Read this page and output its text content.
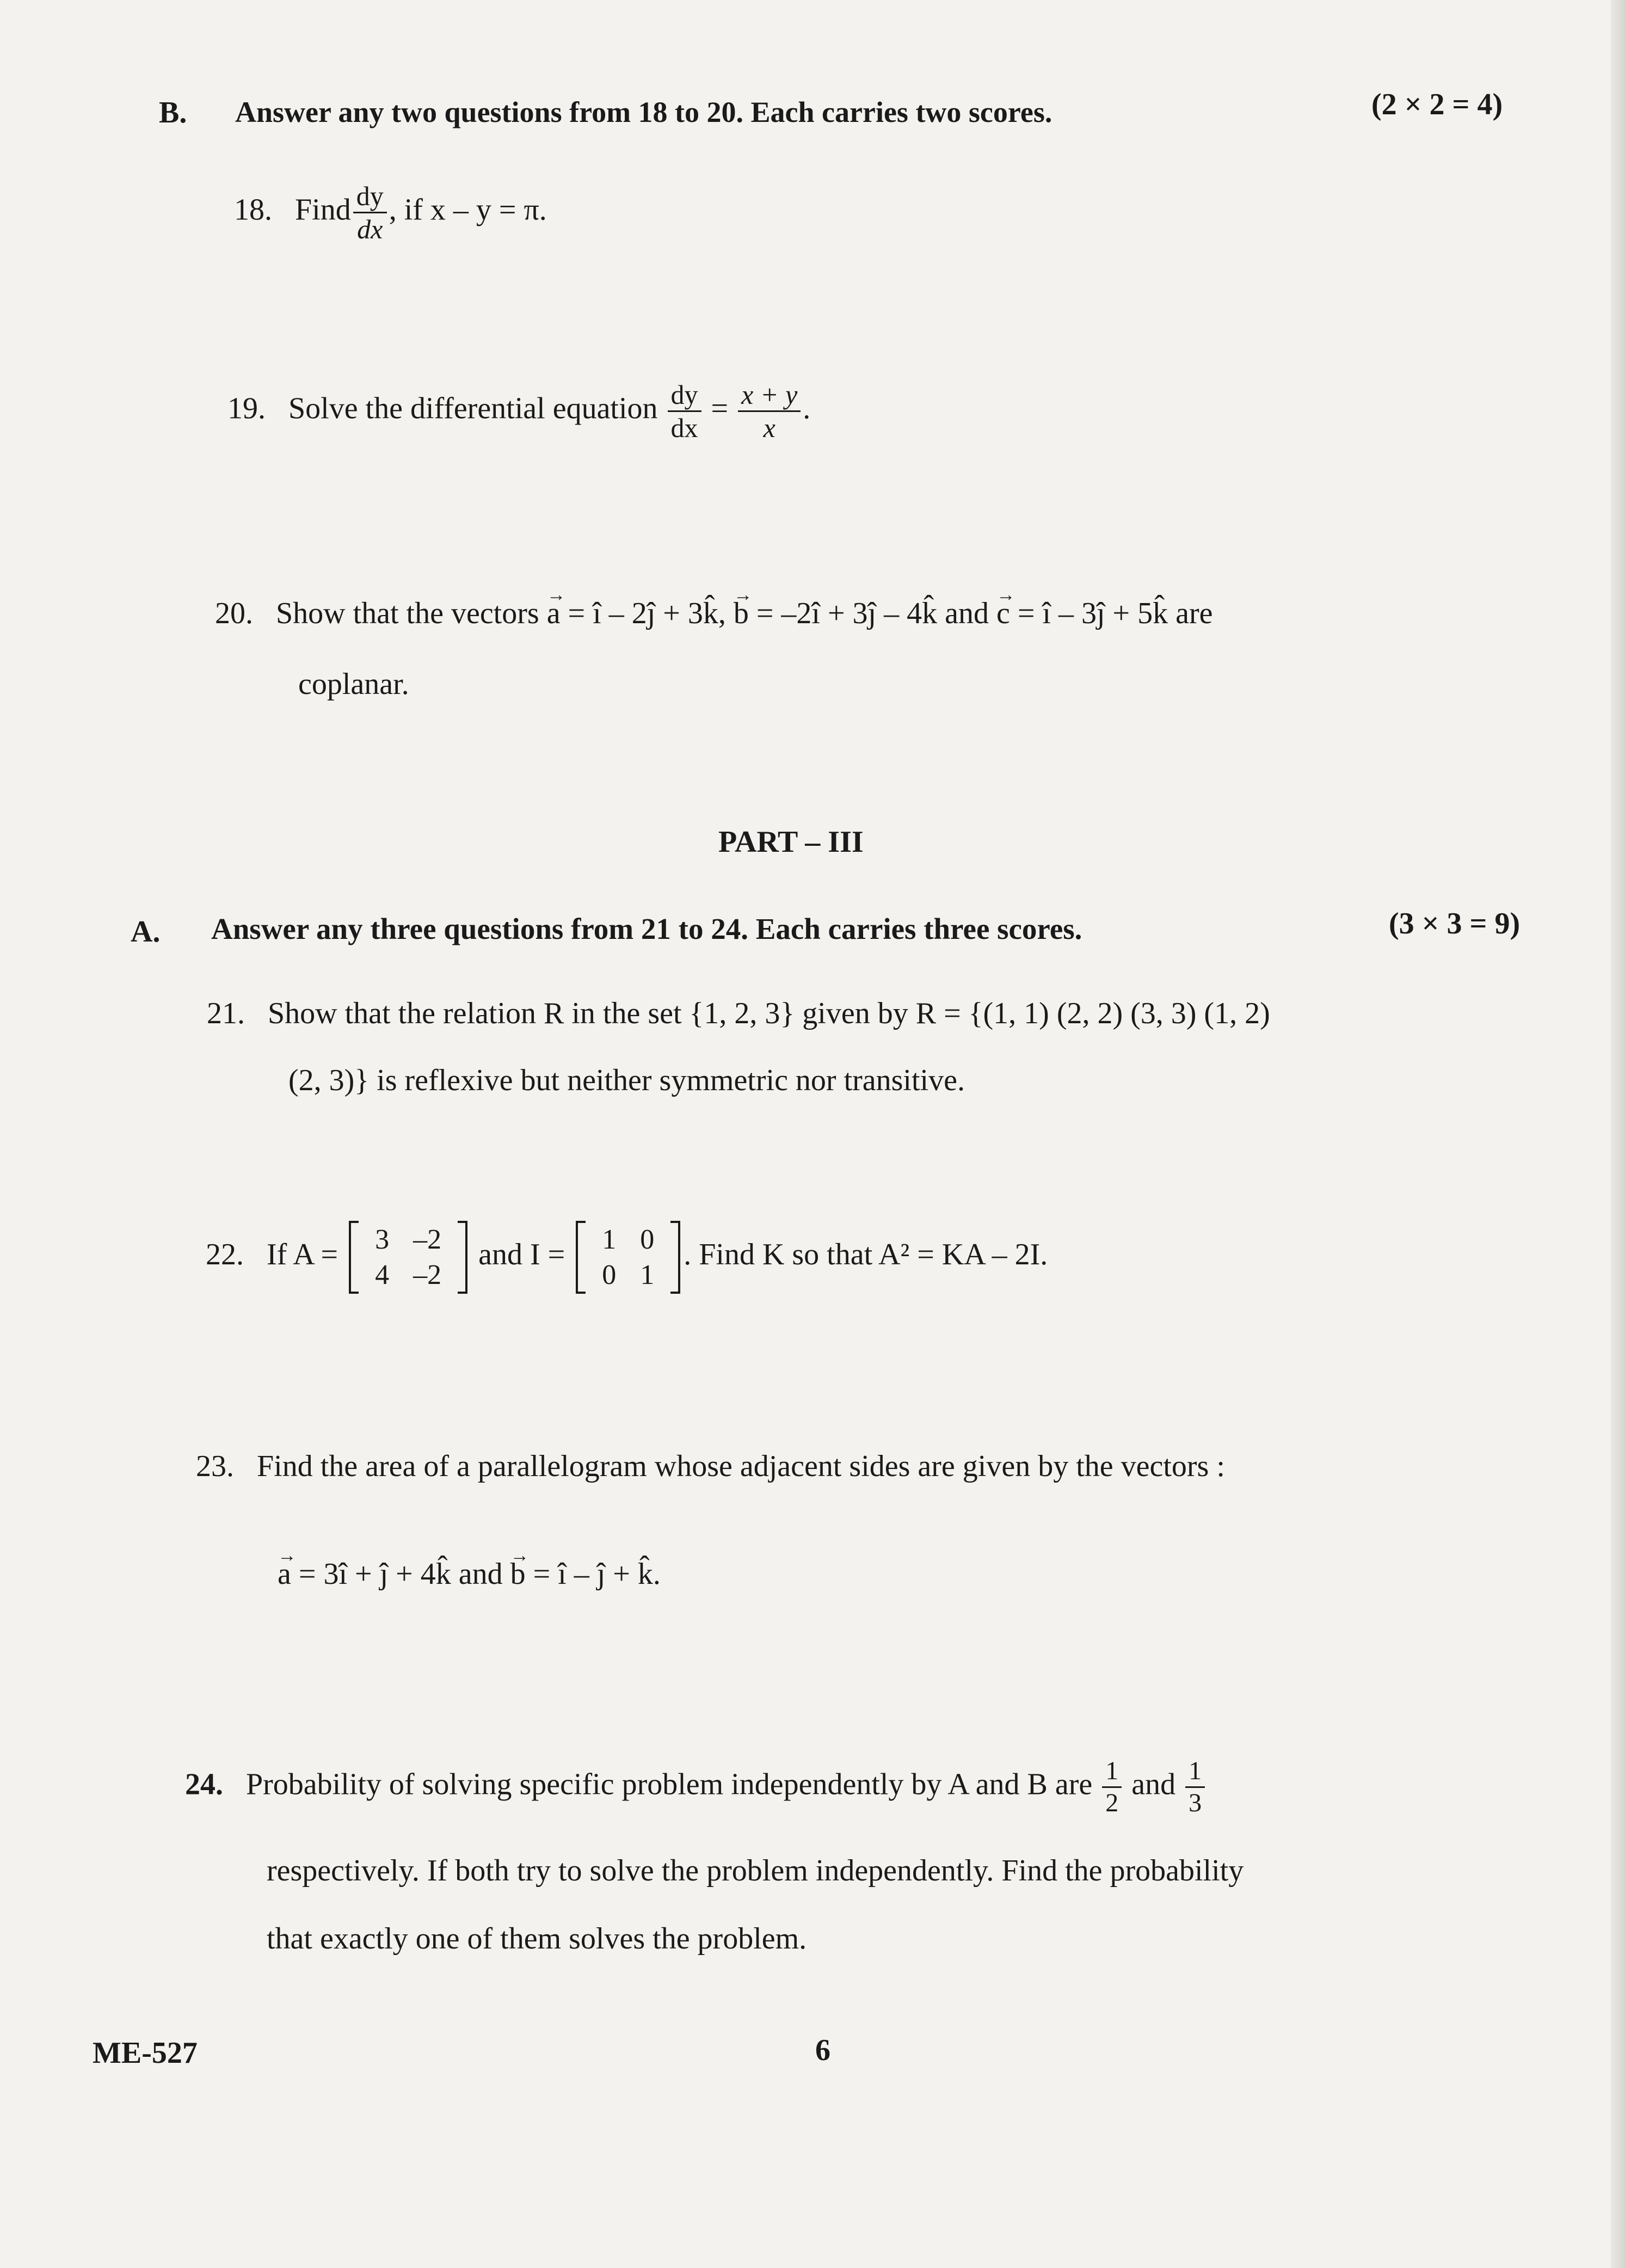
B. Answer any two questions from 18 to 20. Each carries two scores.	(2 × 2 = 4)
18. Find $\frac{dy}{dx}$ , if x – y = π.
19. Solve the differential equation $\frac{dy}{dx} = \frac{x + y}{x}$ .
20. Show that the vectors → a = î – 2ĵ + 3k̂, → b = –2î + 3ĵ – 4k̂ and → c = î – 3ĵ + 5k̂ are
coplanar.
PART – III
A. Answer any three questions from 21 to 24. Each carries three scores.	(3 × 3 = 9)
21. Show that the relation R in the set {1, 2, 3} given by R = {(1, 1) (2, 2) (3, 3) (1, 2)
(2, 3)} is reflexive but neither symmetric nor transitive.
22. If A = 3	–2
4	–2
and I = 1	0
0	1
. Find K so that A² = KA – 2I.
23. Find the area of a parallelogram whose adjacent sides are given by the vectors :
→ a = 3î + ĵ + 4k̂ and → b = î – ĵ + k̂.
24. Probability of solving specific problem independently by A and B are $\frac{1}{2}$ and $\frac{1}{3}$
respectively. If both try to solve the problem independently. Find the probability
that exactly one of them solves the problem.
ME-527	6
